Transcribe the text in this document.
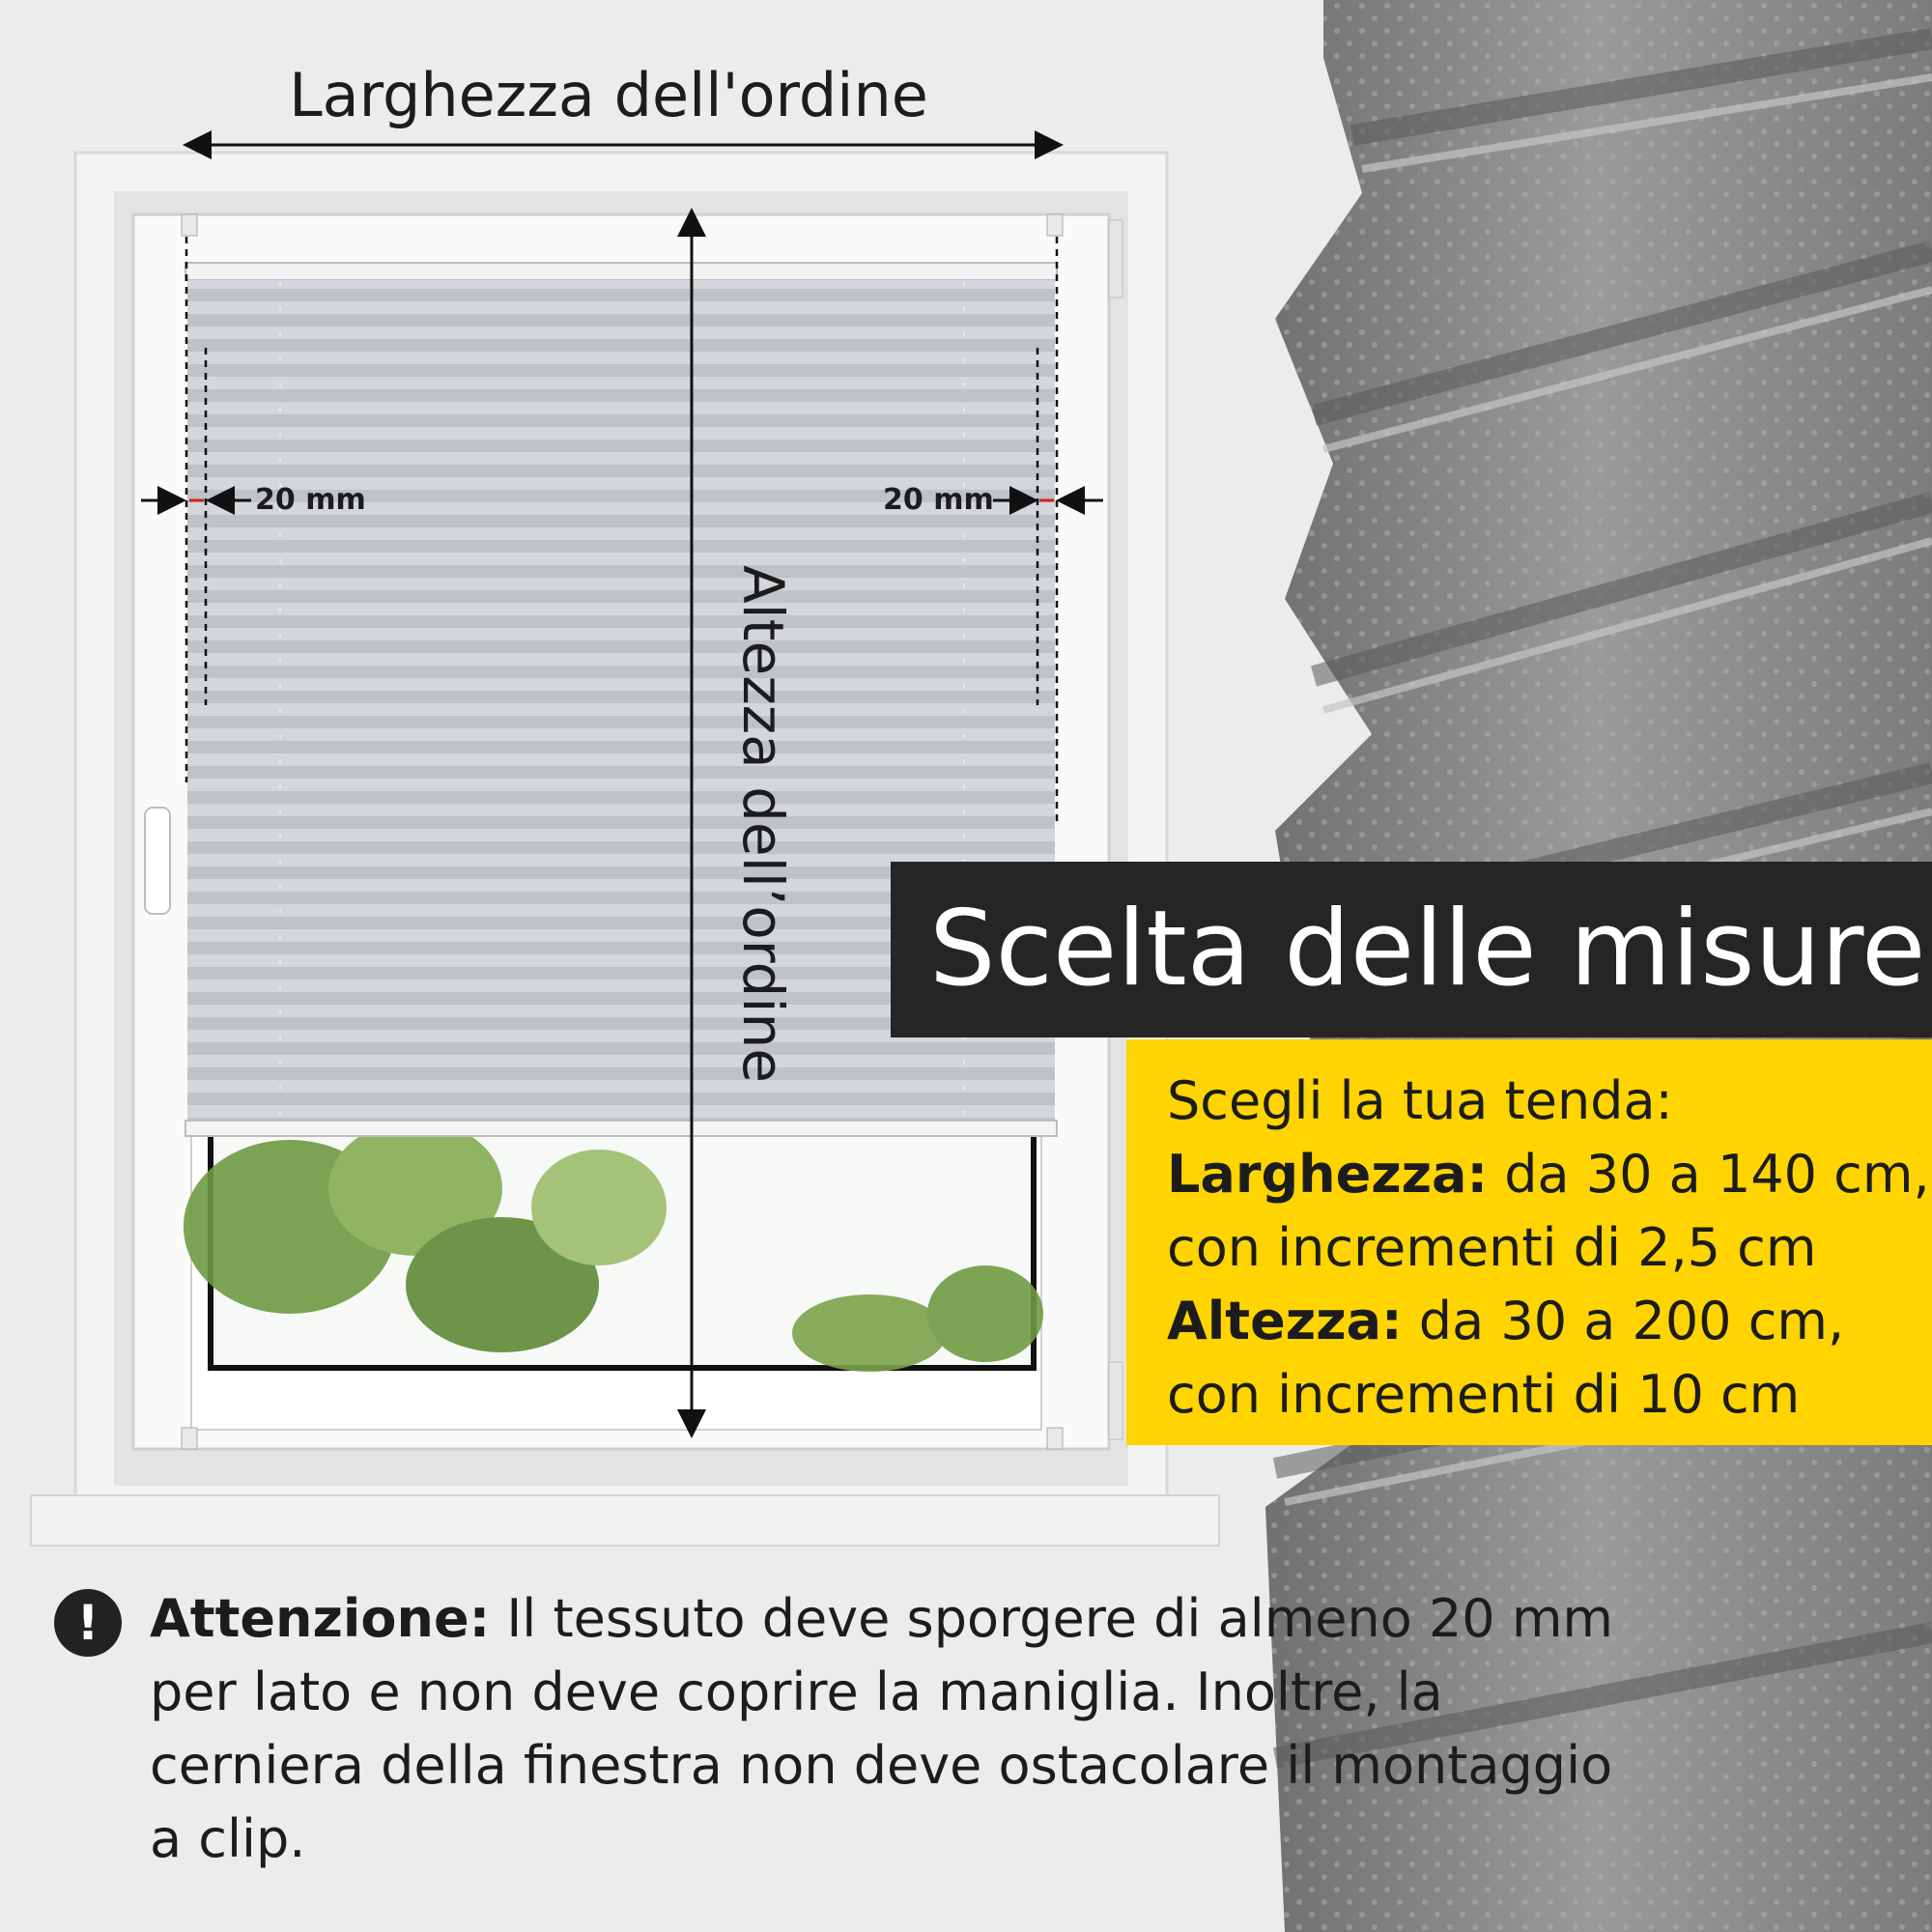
Larghezza dell'ordine
Altezza dell’ordine
20 mm	20 mm
Scelta delle misure
Scegli la tua tenda:
Larghezza: da 30 a 140 cm,
con incrementi di 2,5 cm
Altezza: da 30 a 200 cm,
con incrementi di 10 cm
! Attenzione: Il tessuto deve sporgere di almeno 20 mm per lato e non deve coprire la maniglia. Inoltre, la cerniera della finestra non deve ostacolare il montaggio a clip.
